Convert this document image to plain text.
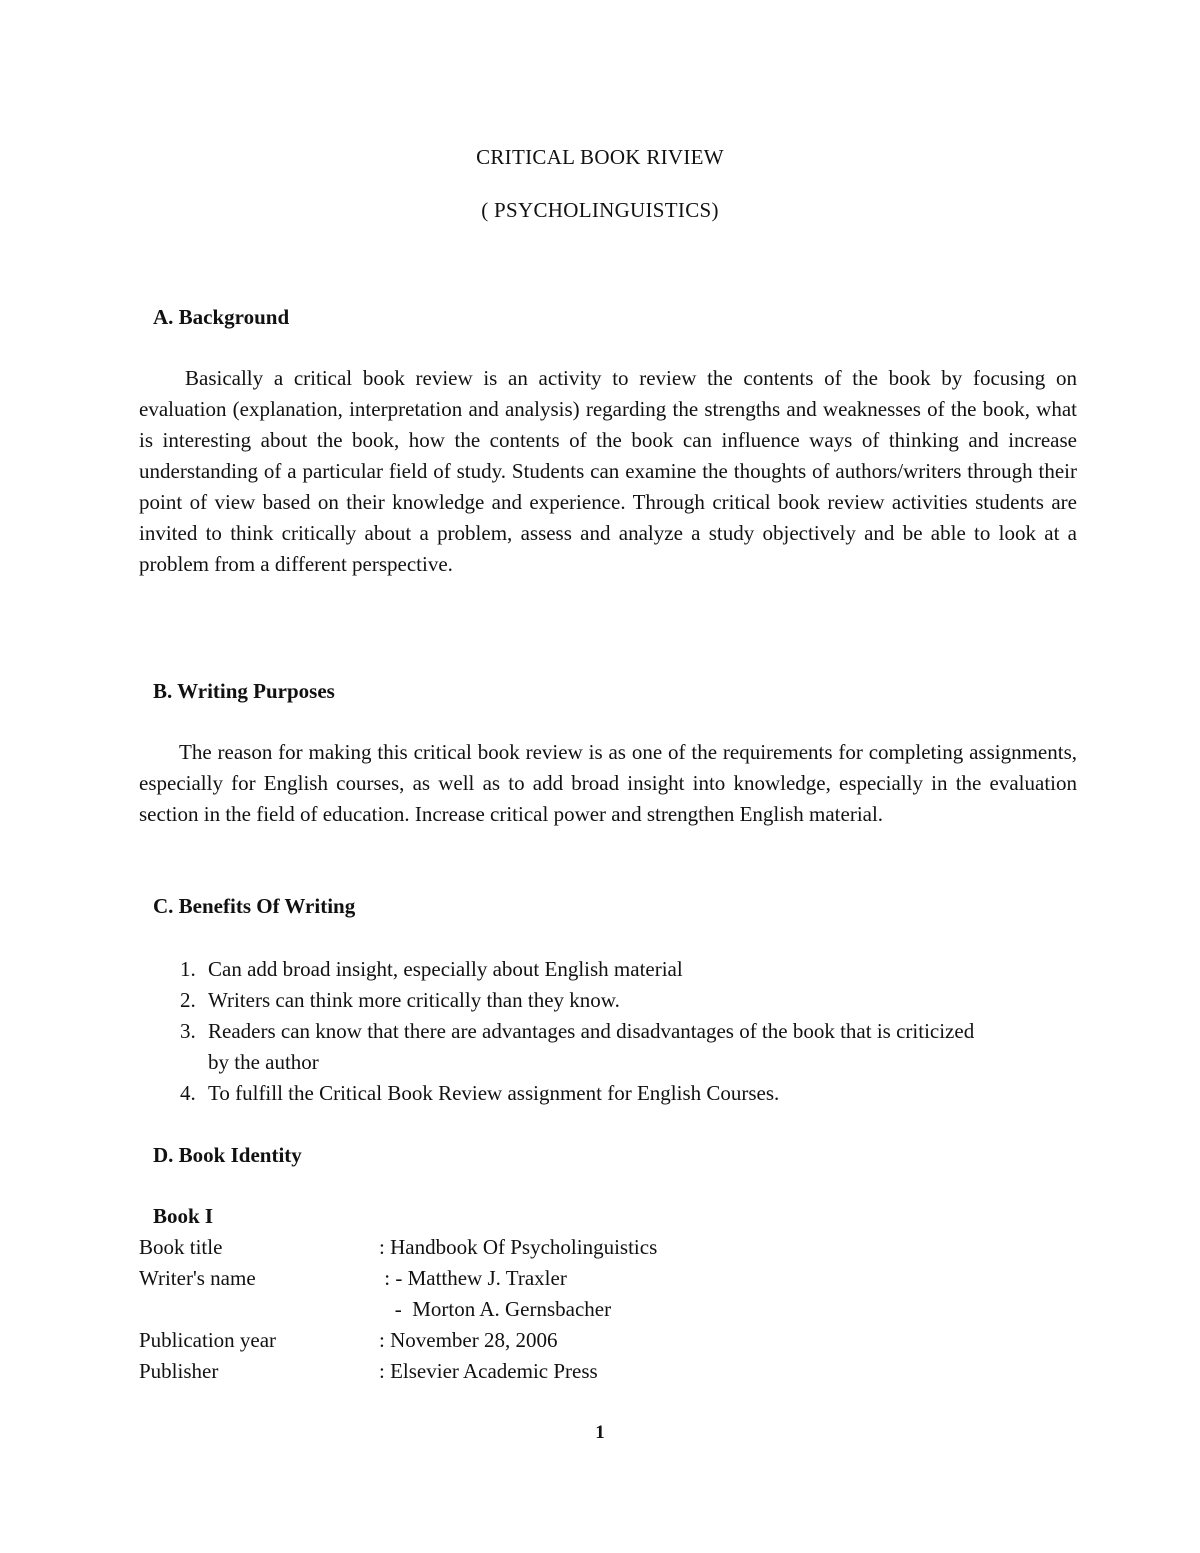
CRITICAL BOOK RIVIEW
( PSYCHOLINGUISTICS)
A. Background
Basically a critical book review is an activity to review the contents of the book by focusing on evaluation (explanation, interpretation and analysis) regarding the strengths and weaknesses of the book, what is interesting about the book, how the contents of the book can influence ways of thinking and increase understanding of a particular field of study. Students can examine the thoughts of authors/writers through their point of view based on their knowledge and experience. Through critical book review activities students are invited to think critically about a problem, assess and analyze a study objectively and be able to look at a problem from a different perspective.
B. Writing Purposes
The reason for making this critical book review is as one of the requirements for completing assignments, especially for English courses, as well as to add broad insight into knowledge, especially in the evaluation section in the field of education. Increase critical power and strengthen English material.
C. Benefits Of Writing
1. Can add broad insight, especially about English material
2. Writers can think more critically than they know.
3. Readers can know that there are advantages and disadvantages of the book that is criticized by the author
4. To fulfill the Critical Book Review assignment for English Courses.
D. Book Identity
Book I
Book title	: Handbook Of Psycholinguistics
Writer's name	: - Matthew J. Traxler
-  Morton A. Gernsbacher
Publication year	: November 28, 2006
Publisher	: Elsevier Academic Press
1
